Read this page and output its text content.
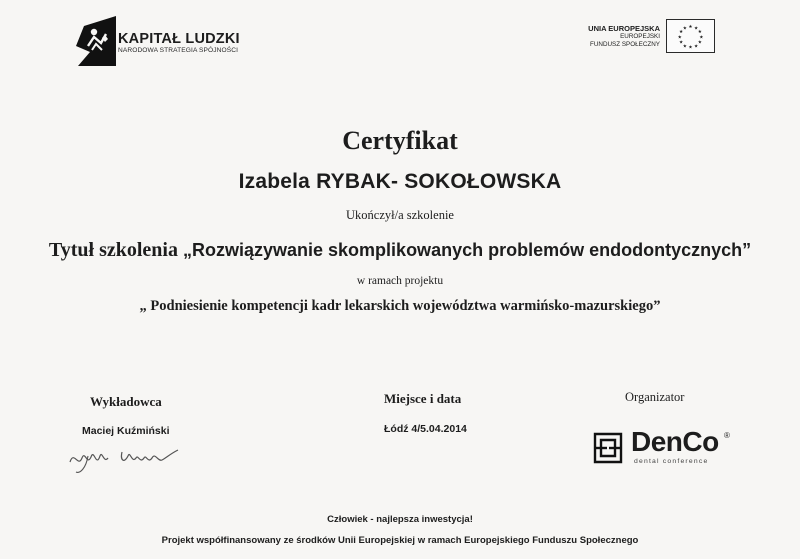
KAPITAŁ LUDZKI
NARODOWA STRATEGIA SPÓJNOŚCI
UNIA EUROPEJSKA
EUROPEJSKI
FUNDUSZ SPOŁECZNY
★ ★
★
★
★
★
★
★
★
★
★
★
Certyfikat
Izabela RYBAK- SOKOŁOWSKA
Ukończył/a szkolenie
Tytuł szkolenia „Rozwiązywanie skomplikowanych problemów endodontycznych”
w ramach projektu
„ Podniesienie kompetencji kadr lekarskich województwa warmińsko-mazurskiego”
Wykładowca
Maciej Kuźmiński
Miejsce i data
Łódź 4/5.04.2014
Organizator
DenCo ®
dental conference
Człowiek - najlepsza inwestycja!
Projekt współfinansowany ze środków Unii Europejskiej w ramach Europejskiego Funduszu Społecznego
